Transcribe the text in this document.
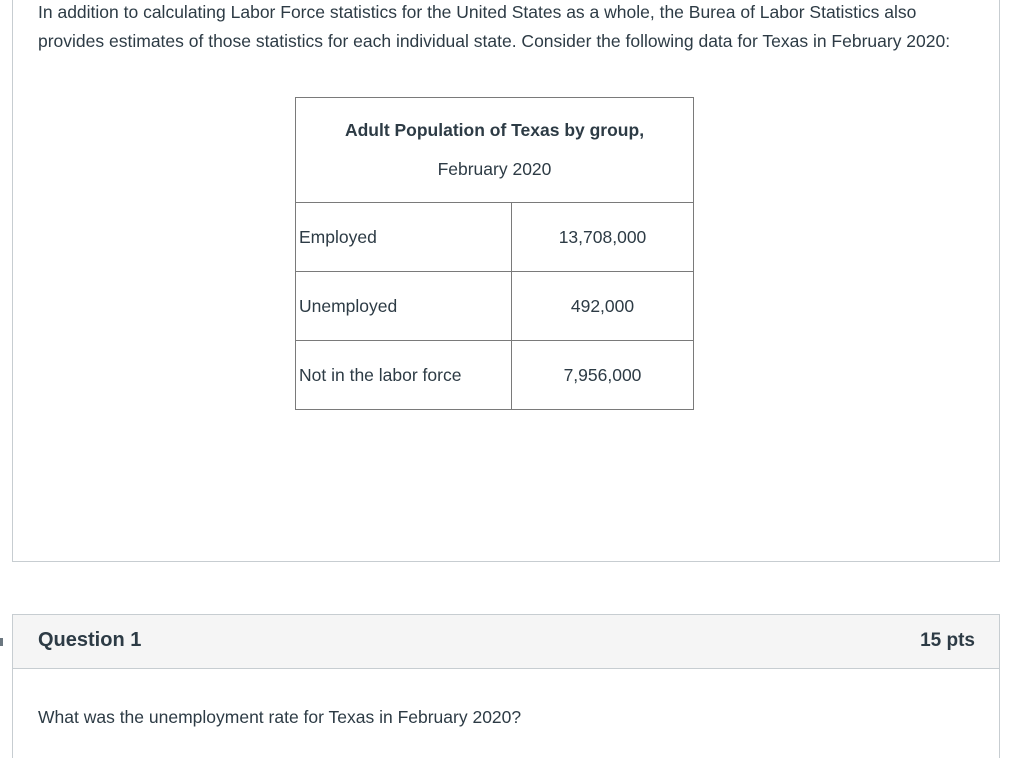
In addition to calculating Labor Force statistics for the United States as a whole, the Burea of Labor Statistics also provides estimates of those statistics for each individual state. Consider the following data for Texas in February 2020:

Adult Population of Texas by group,
February 2020	

Employed	13,708,000
Unemployed	492,000
Not in the labor force	7,956,000
Question 1	15 pts
What was the unemployment rate for Texas in February 2020?
